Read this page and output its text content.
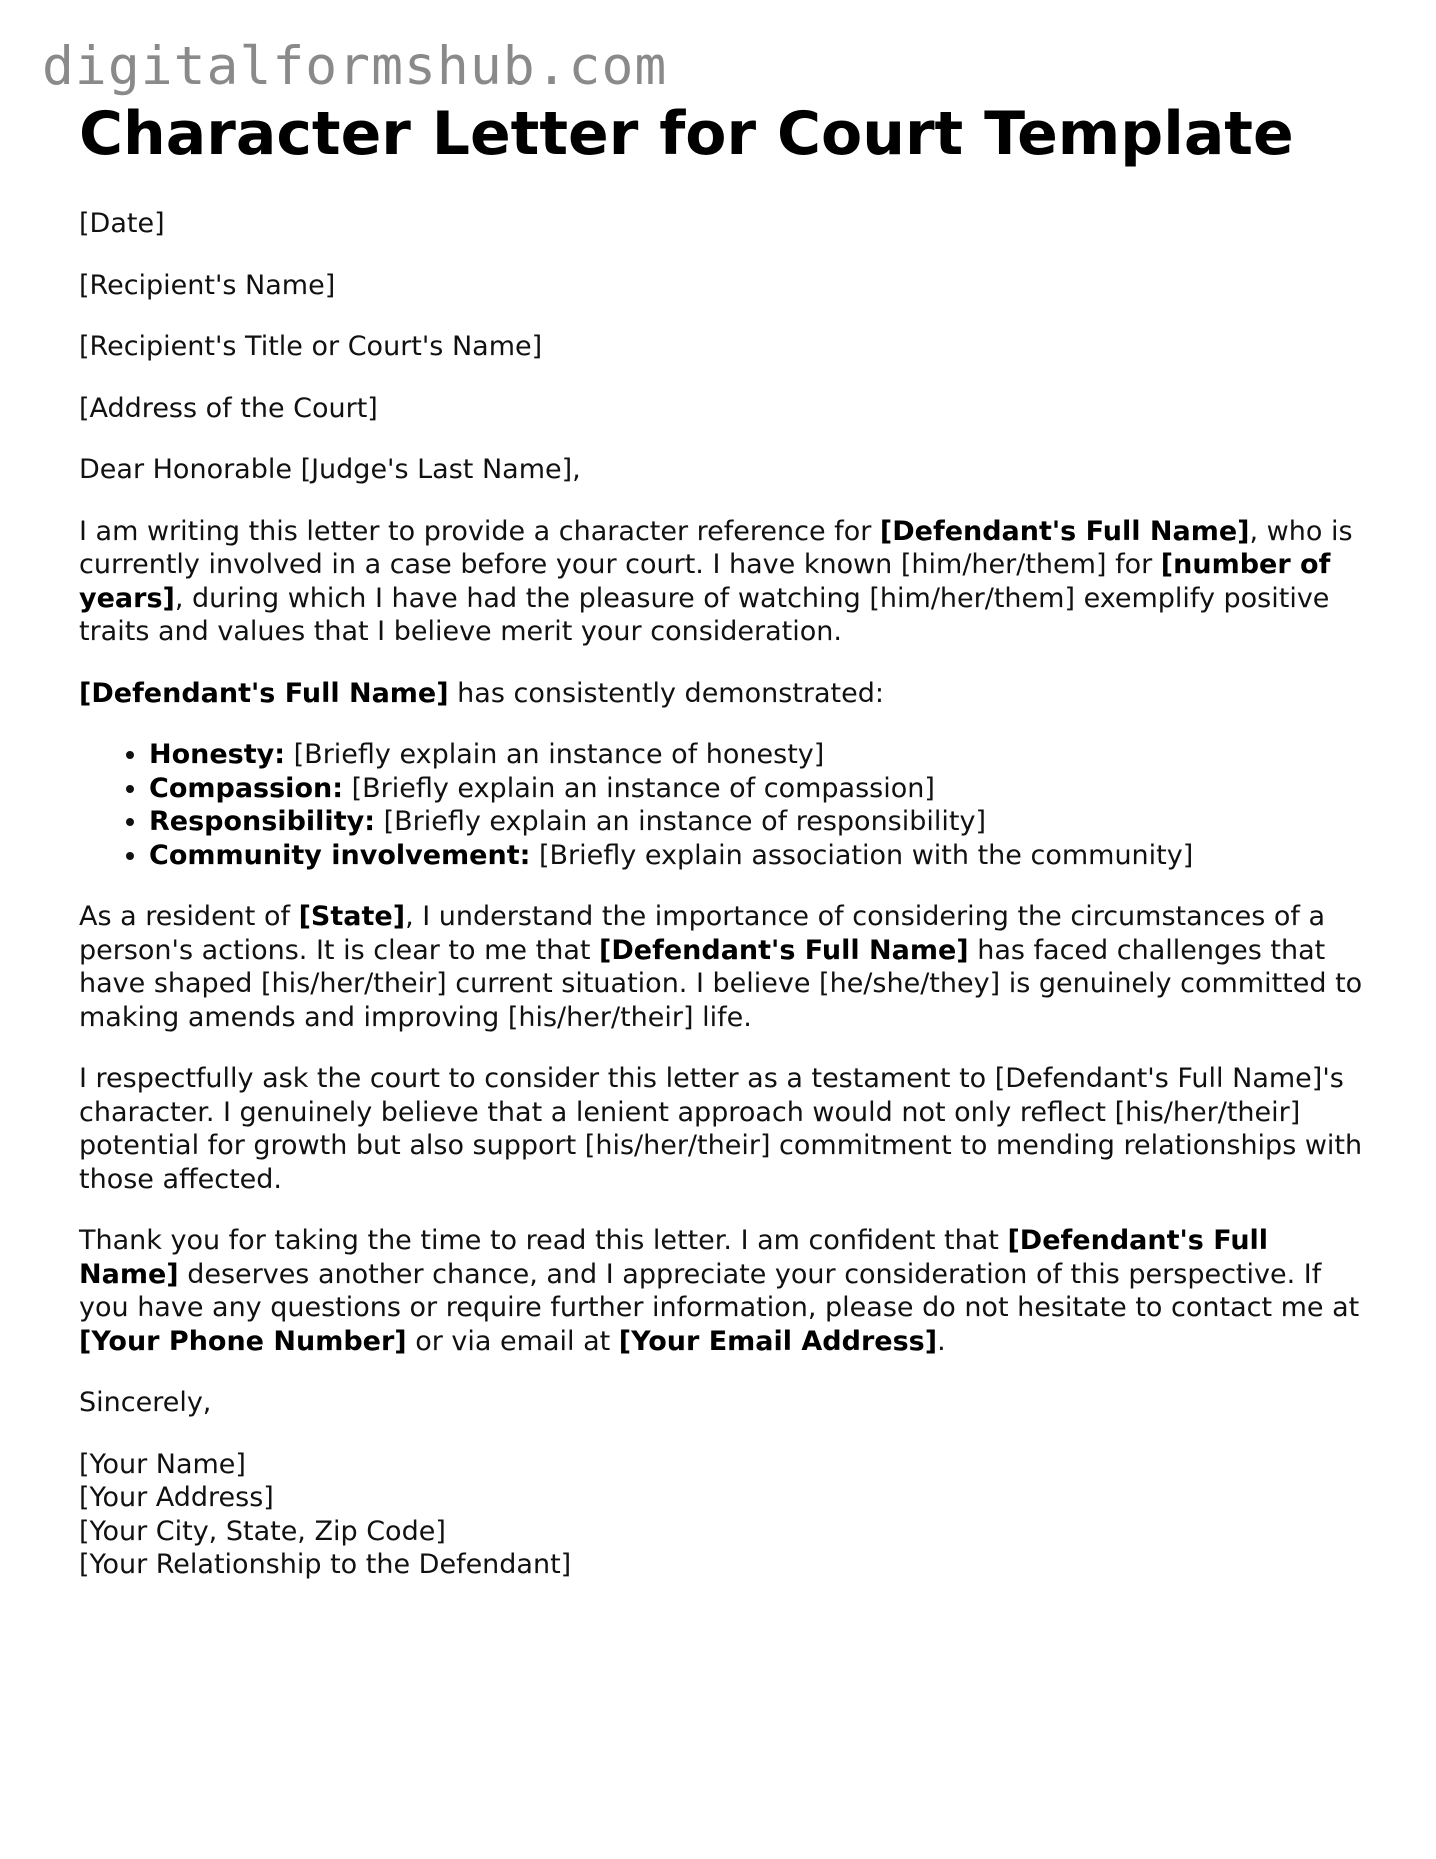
digitalformshub.com
Character Letter for Court Template

[Date]

[Recipient's Name]

[Recipient's Title or Court's Name]

[Address of the Court]

Dear Honorable [Judge's Last Name],

I am writing this letter to provide a character reference for [Defendant's Full Name], who is currently involved in a case before your court. I have known [him/her/them] for [number of years], during which I have had the pleasure of watching [him/her/them] exemplify positive traits and values that I believe merit your consideration.

[Defendant's Full Name] has consistently demonstrated:

• Honesty: [Briefly explain an instance of honesty]
• Compassion: [Briefly explain an instance of compassion]
• Responsibility: [Briefly explain an instance of responsibility]
• Community involvement: [Briefly explain association with the community]

As a resident of [State], I understand the importance of considering the circumstances of a person's actions. It is clear to me that [Defendant's Full Name] has faced challenges that have shaped [his/her/their] current situation. I believe [he/she/they] is genuinely committed to making amends and improving [his/her/their] life.

I respectfully ask the court to consider this letter as a testament to [Defendant's Full Name]'s character. I genuinely believe that a lenient approach would not only reflect [his/her/their] potential for growth but also support [his/her/their] commitment to mending relationships with those affected.

Thank you for taking the time to read this letter. I am confident that [Defendant's Full Name] deserves another chance, and I appreciate your consideration of this perspective. If you have any questions or require further information, please do not hesitate to contact me at [Your Phone Number] or via email at [Your Email Address].

Sincerely,

[Your Name]

[Your Address]

[Your City, State, Zip Code]

[Your Relationship to the Defendant]
